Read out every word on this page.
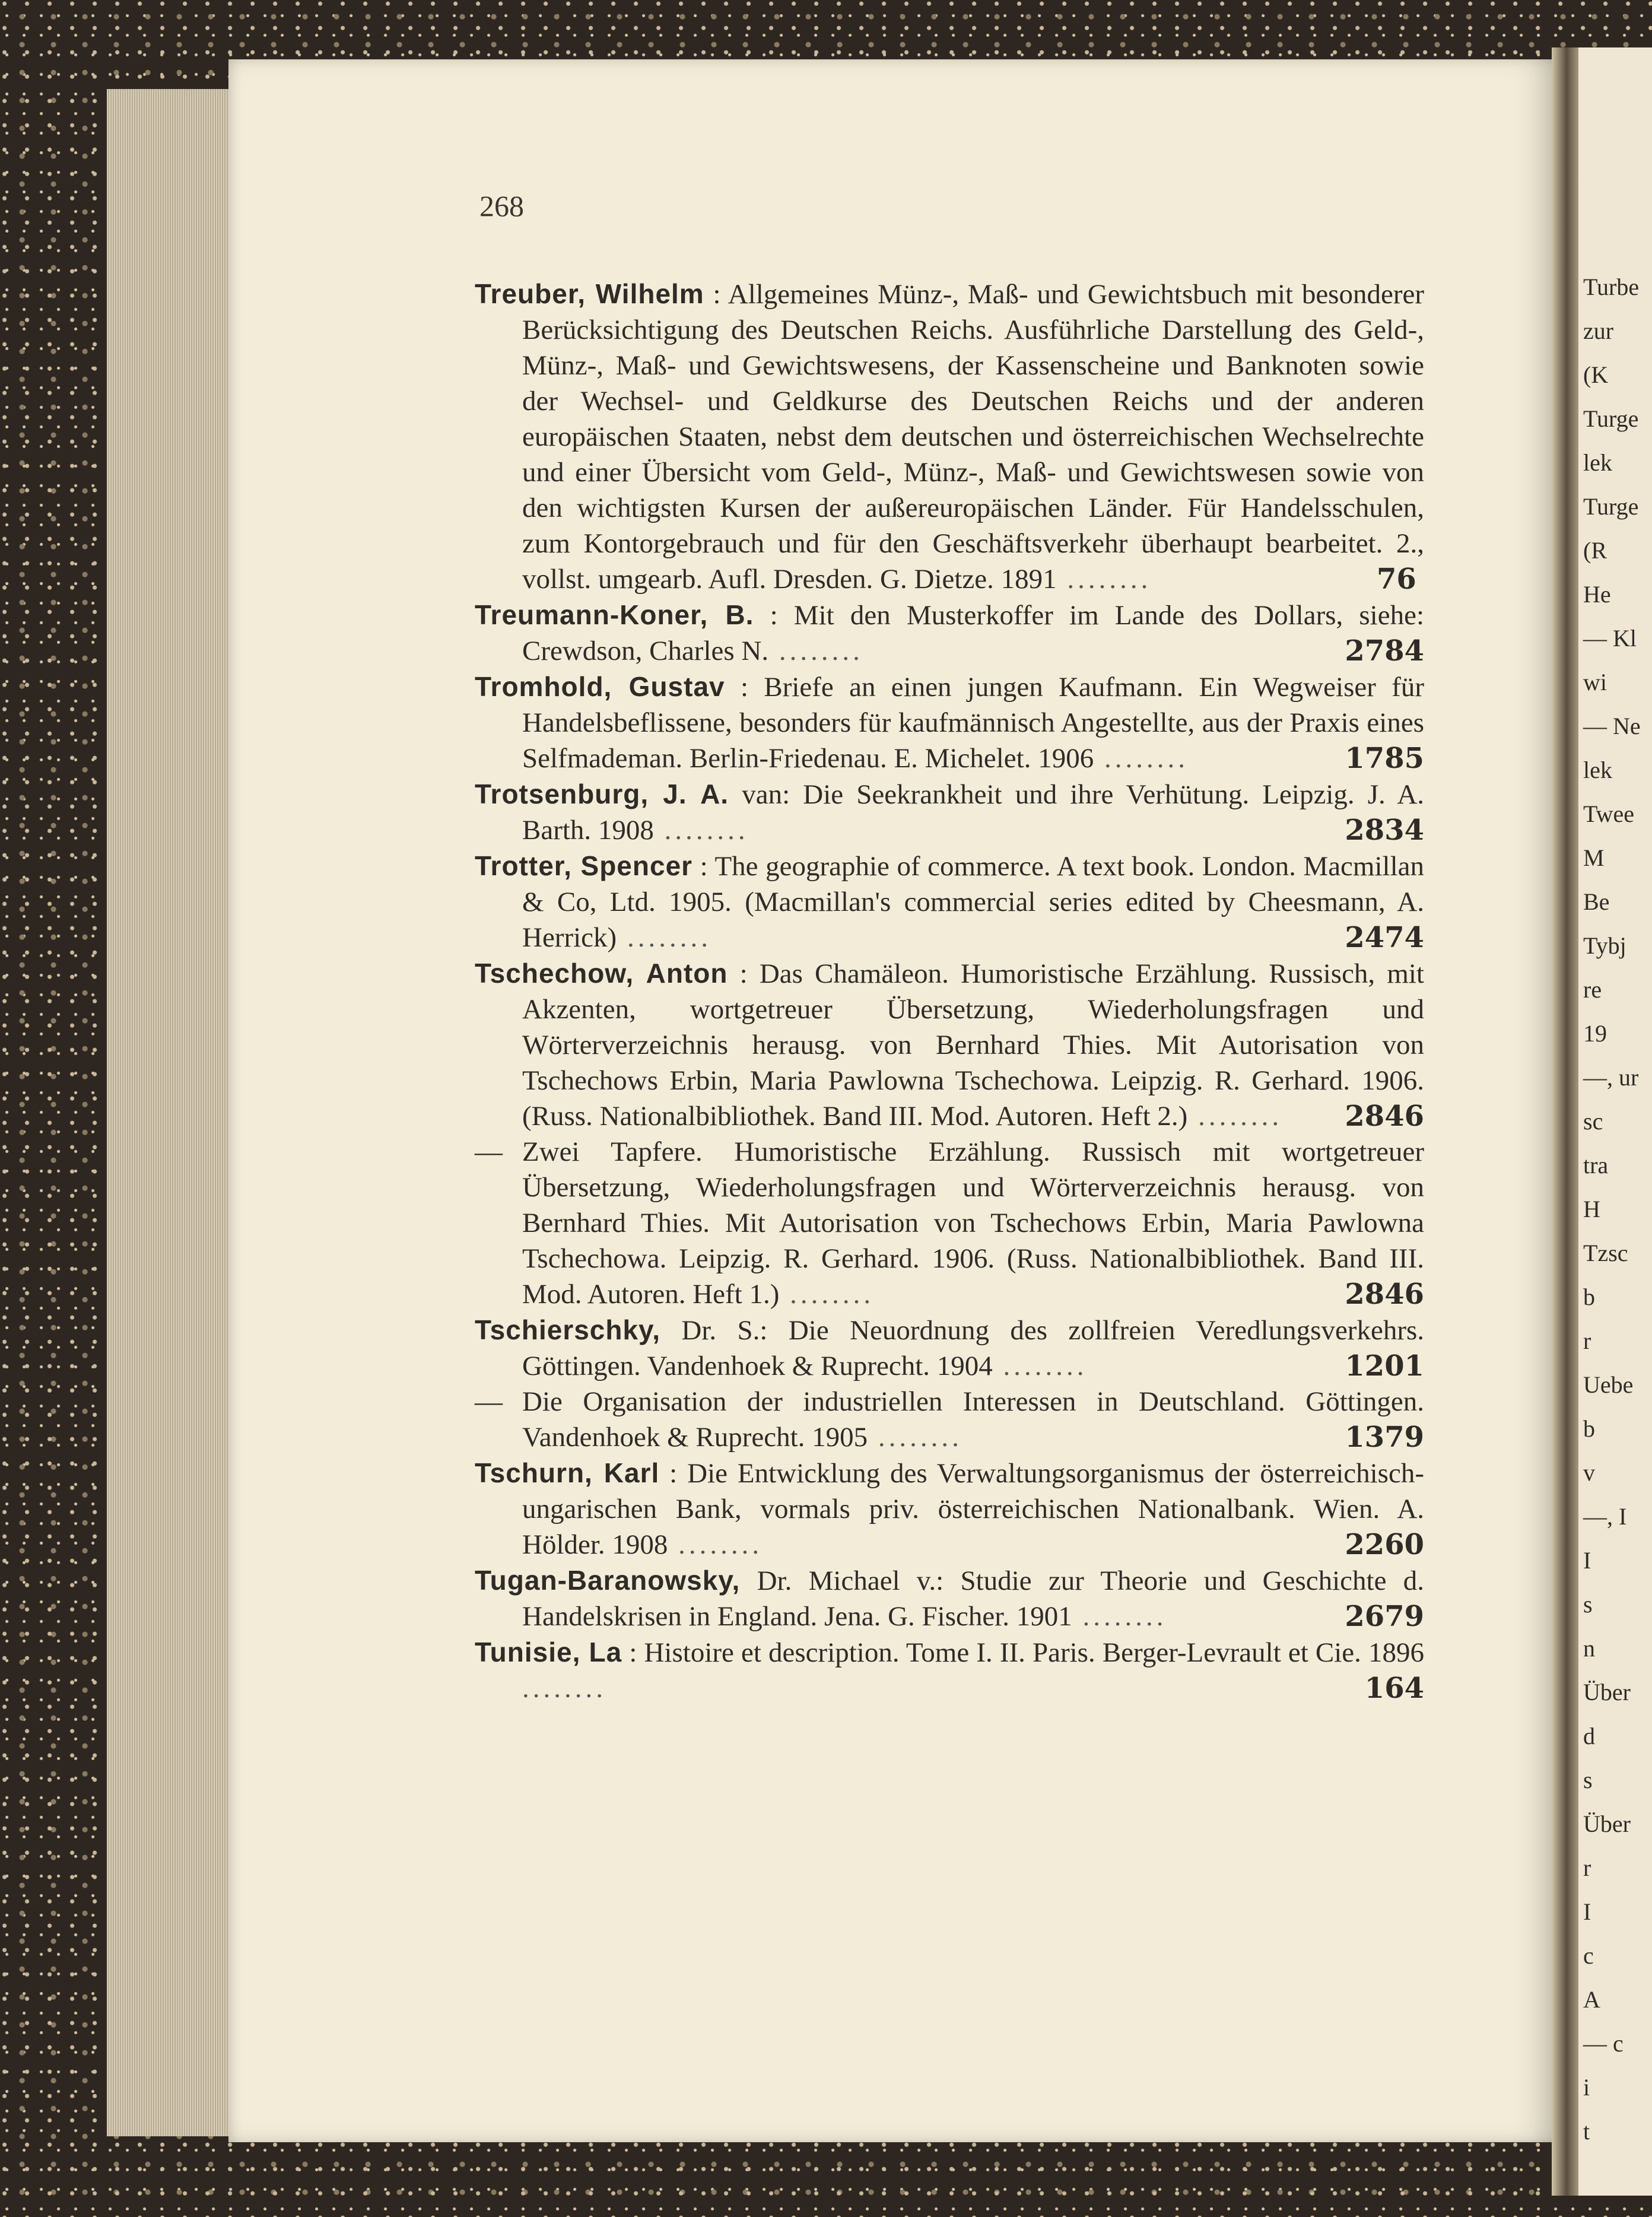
Turbe
zur
(K
Turge
lek
Turge
(R
He
— Kl
wi
— Ne
lek
Twee
M
Be
Tybj
re
19
—, ur
sc
tra
H
Tzsc
b
r
Uebe
b
v
—, I
I
s
n
Über
d
s
Über
r
I
c
A
— c
i
t
268
Treuber, Wilhelm : Allgemeines Münz-, Maß- und Gewichtsbuch mit besonderer Berücksichtigung des Deutschen Reichs. Ausführliche Darstellung des Geld-, Münz-, Maß- und Gewichtswesens, der Kassenscheine und Banknoten sowie der Wechsel- und Geldkurse des Deutschen Reichs und der anderen europäischen Staaten, nebst dem deutschen und österreichischen Wechselrechte und einer Übersicht vom Geld-, Münz-, Maß- und Gewichtswesen sowie von den wichtigsten Kursen der außereuropäischen Länder. Für Handelsschulen, zum Kontorgebrauch und für den Geschäftsverkehr überhaupt bearbeitet. 2., vollst. umgearb. Aufl. Dresden. G. Dietze. 1891 ........	76
Treumann-Koner, B. : Mit den Musterkoffer im Lande des Dollars, siehe: Crewdson, Charles N. ........	2784
Tromhold, Gustav : Briefe an einen jungen Kaufmann. Ein Wegweiser für Handelsbeflissene, besonders für kaufmännisch Angestellte, aus der Praxis eines Selfmademan. Berlin-Friedenau. E. Michelet. 1906 ........	1785
Trotsenburg, J. A. van: Die Seekrankheit und ihre Verhütung. Leipzig. J. A. Barth. 1908 ........	2834
Trotter, Spencer : The geographie of commerce. A text book. London. Macmillan & Co, Ltd. 1905. (Macmillan's commercial series edited by Cheesmann, A. Herrick) ........	2474
Tschechow, Anton : Das Chamäleon. Humoristische Erzählung. Russisch, mit Akzenten, wortgetreuer Übersetzung, Wiederholungsfragen und Wörterverzeichnis herausg. von Bernhard Thies. Mit Autorisation von Tschechows Erbin, Maria Pawlowna Tschechowa. Leipzig. R. Gerhard. 1906. (Russ. Nationalbibliothek. Band III. Mod. Autoren. Heft 2.) ........ 2846
— Zwei Tapfere. Humoristische Erzählung. Russisch mit wortgetreuer Übersetzung, Wiederholungsfragen und Wörterverzeichnis herausg. von Bernhard Thies. Mit Autorisation von Tschechows Erbin, Maria Pawlowna Tschechowa. Leipzig. R. Gerhard. 1906. (Russ. Nationalbibliothek. Band III. Mod. Autoren. Heft 1.) ........	2846
Tschierschky, Dr. S.: Die Neuordnung des zollfreien Veredlungsverkehrs. Göttingen. Vandenhoek & Ruprecht. 1904 ........	1201
— Die Organisation der industriellen Interessen in Deutschland. Göttingen. Vandenhoek & Ruprecht. 1905 ........	1379
Tschurn, Karl : Die Entwicklung des Verwaltungsorganismus der österreichisch-ungarischen Bank, vormals priv. österreichischen Nationalbank. Wien. A. Hölder. 1908 ........	2260
Tugan-Baranowsky, Dr. Michael v.: Studie zur Theorie und Geschichte d. Handelskrisen in England. Jena. G. Fischer. 1901 ........	2679
Tunisie, La : Histoire et description. Tome I. II. Paris. Berger-Levrault et Cie. 1896 ........	164
